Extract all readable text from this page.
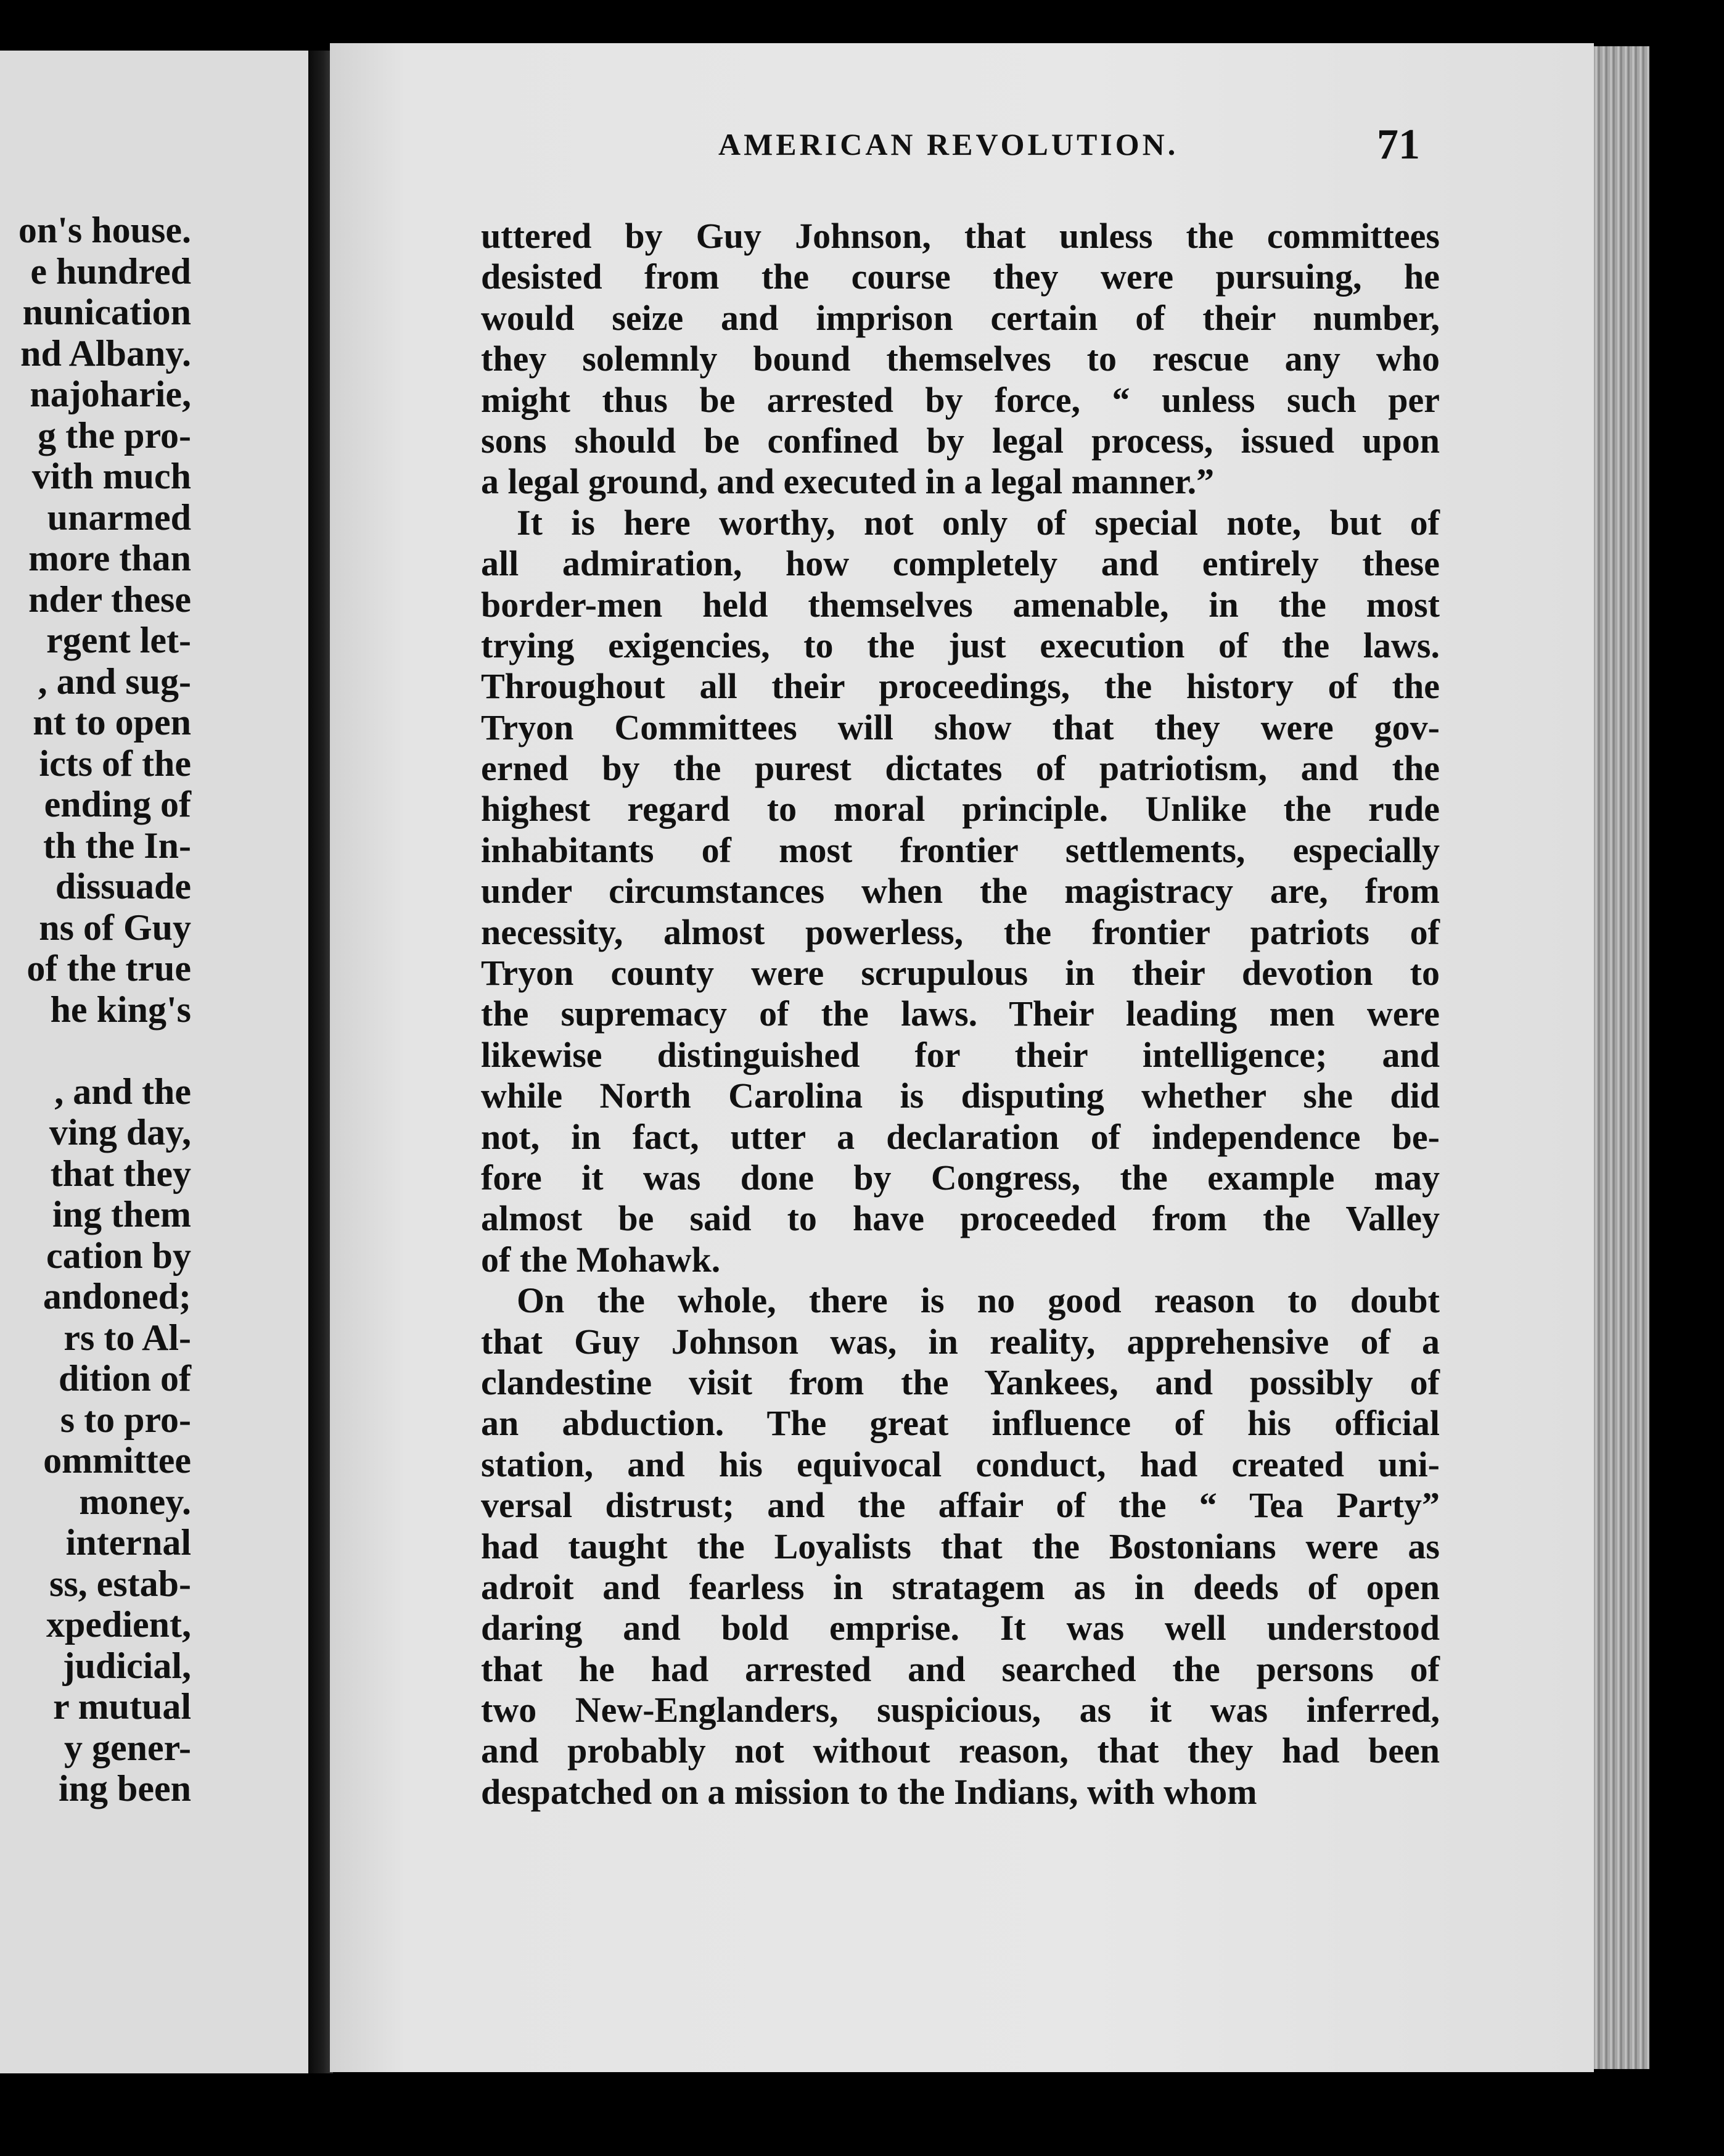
on's house.
e hundred
nunication
nd Albany.
najoharie,
g the pro-
vith much
unarmed
more than
nder these
rgent let-
, and sug-
nt to open
icts of the
ending of
th the In-
dissuade
ns of Guy
of the true
he king's
, and the
ving day,
that they
ing them
cation by
andoned;
rs to Al-
dition of
s to pro-
ommittee
money.
internal
ss, estab-
xpedient,
judicial,
r mutual
y gener-
ing been
AMERICAN REVOLUTION.	71
uttered by Guy Johnson, that unless the committees
desisted from the course they were pursuing, he
would seize and imprison certain of their number,
they solemnly bound themselves to rescue any who
might thus be arrested by force, “ unless such per
sons should be confined by legal process, issued upon
a legal ground, and executed in a legal manner.”
It is here worthy, not only of special note, but of
all admiration, how completely and entirely these
border-men held themselves amenable, in the most
trying exigencies, to the just execution of the laws.
Throughout all their proceedings, the history of the
Tryon Committees will show that they were gov-
erned by the purest dictates of patriotism, and the
highest regard to moral principle. Unlike the rude
inhabitants of most frontier settlements, especially
under circumstances when the magistracy are, from
necessity, almost powerless, the frontier patriots of
Tryon county were scrupulous in their devotion to
the supremacy of the laws. Their leading men were
likewise distinguished for their intelligence; and
while North Carolina is disputing whether she did
not, in fact, utter a declaration of independence be-
fore it was done by Congress, the example may
almost be said to have proceeded from the Valley
of the Mohawk.
On the whole, there is no good reason to doubt
that Guy Johnson was, in reality, apprehensive of a
clandestine visit from the Yankees, and possibly of
an abduction. The great influence of his official
station, and his equivocal conduct, had created uni-
versal distrust; and the affair of the “ Tea Party”
had taught the Loyalists that the Bostonians were as
adroit and fearless in stratagem as in deeds of open
daring and bold emprise. It was well understood
that he had arrested and searched the persons of
two New-Englanders, suspicious, as it was inferred,
and probably not without reason, that they had been
despatched on a mission to the Indians, with whom
